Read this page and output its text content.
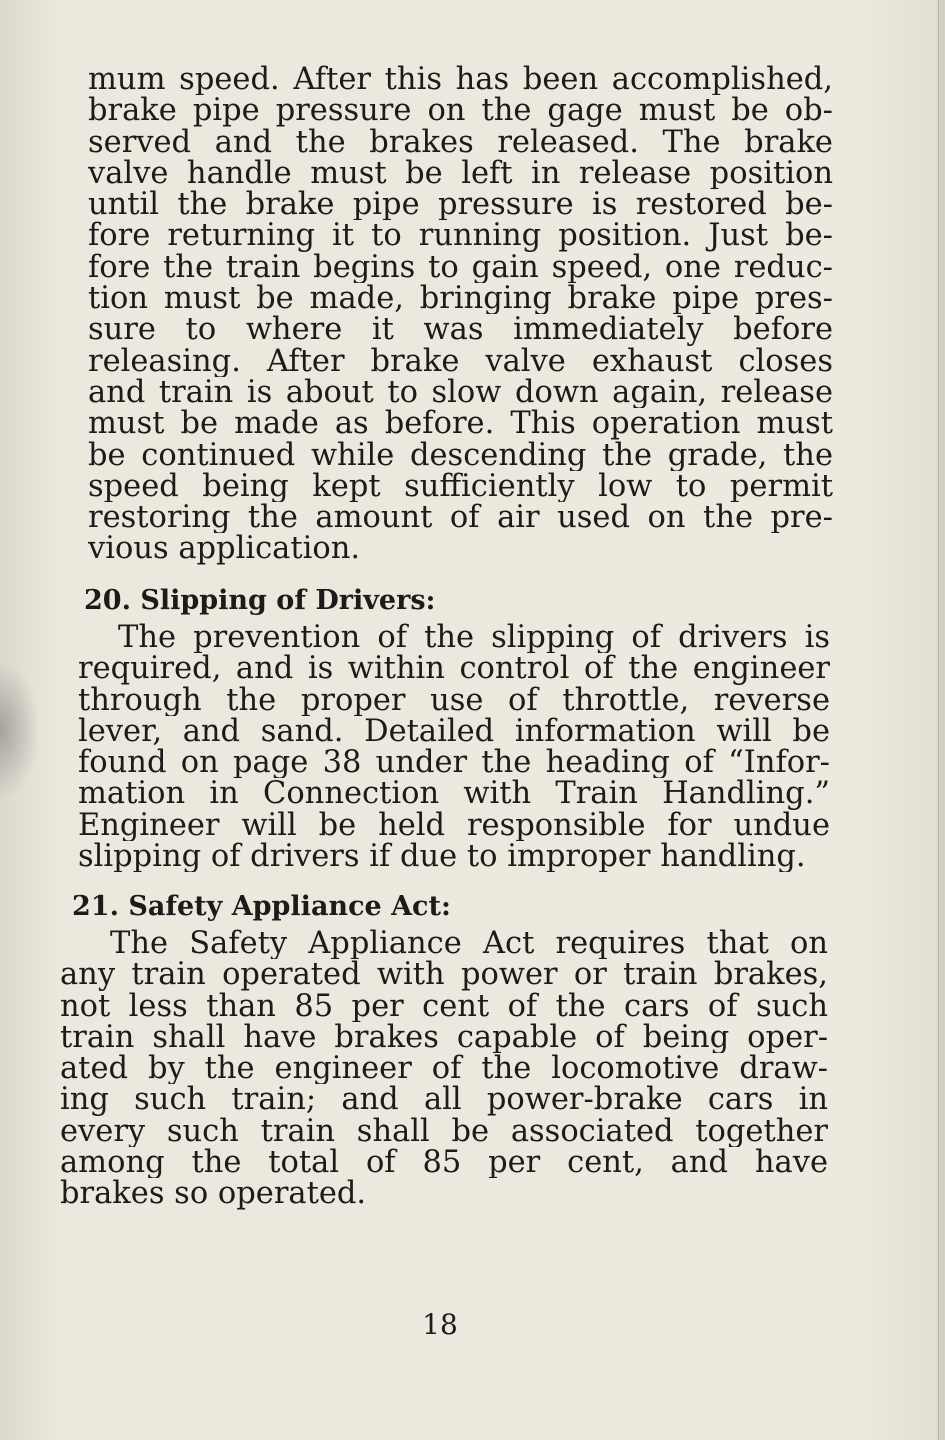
mum speed. After this has been accomplished,
brake pipe pressure on the gage must be ob-
served and the brakes released. The brake
valve handle must be left in release position
until the brake pipe pressure is restored be-
fore returning it to running position. Just be-
fore the train begins to gain speed, one reduc-
tion must be made, bringing brake pipe pres-
sure to where it was immediately before
releasing. After brake valve exhaust closes
and train is about to slow down again, release
must be made as before. This operation must
be continued while descending the grade, the
speed being kept sufficiently low to permit
restoring the amount of air used on the pre-
vious application.
20. Slipping of Drivers:
The prevention of the slipping of drivers is
required, and is within control of the engineer
through the proper use of throttle, reverse
lever, and sand. Detailed information will be
found on page 38 under the heading of “Infor-
mation in Connection with Train Handling.”
Engineer will be held responsible for undue
slipping of drivers if due to improper handling.
21. Safety Appliance Act:
The Safety Appliance Act requires that on
any train operated with power or train brakes,
not less than 85 per cent of the cars of such
train shall have brakes capable of being oper-
ated by the engineer of the locomotive draw-
ing such train; and all power-brake cars in
every such train shall be associated together
among the total of 85 per cent, and have
brakes so operated.
18
